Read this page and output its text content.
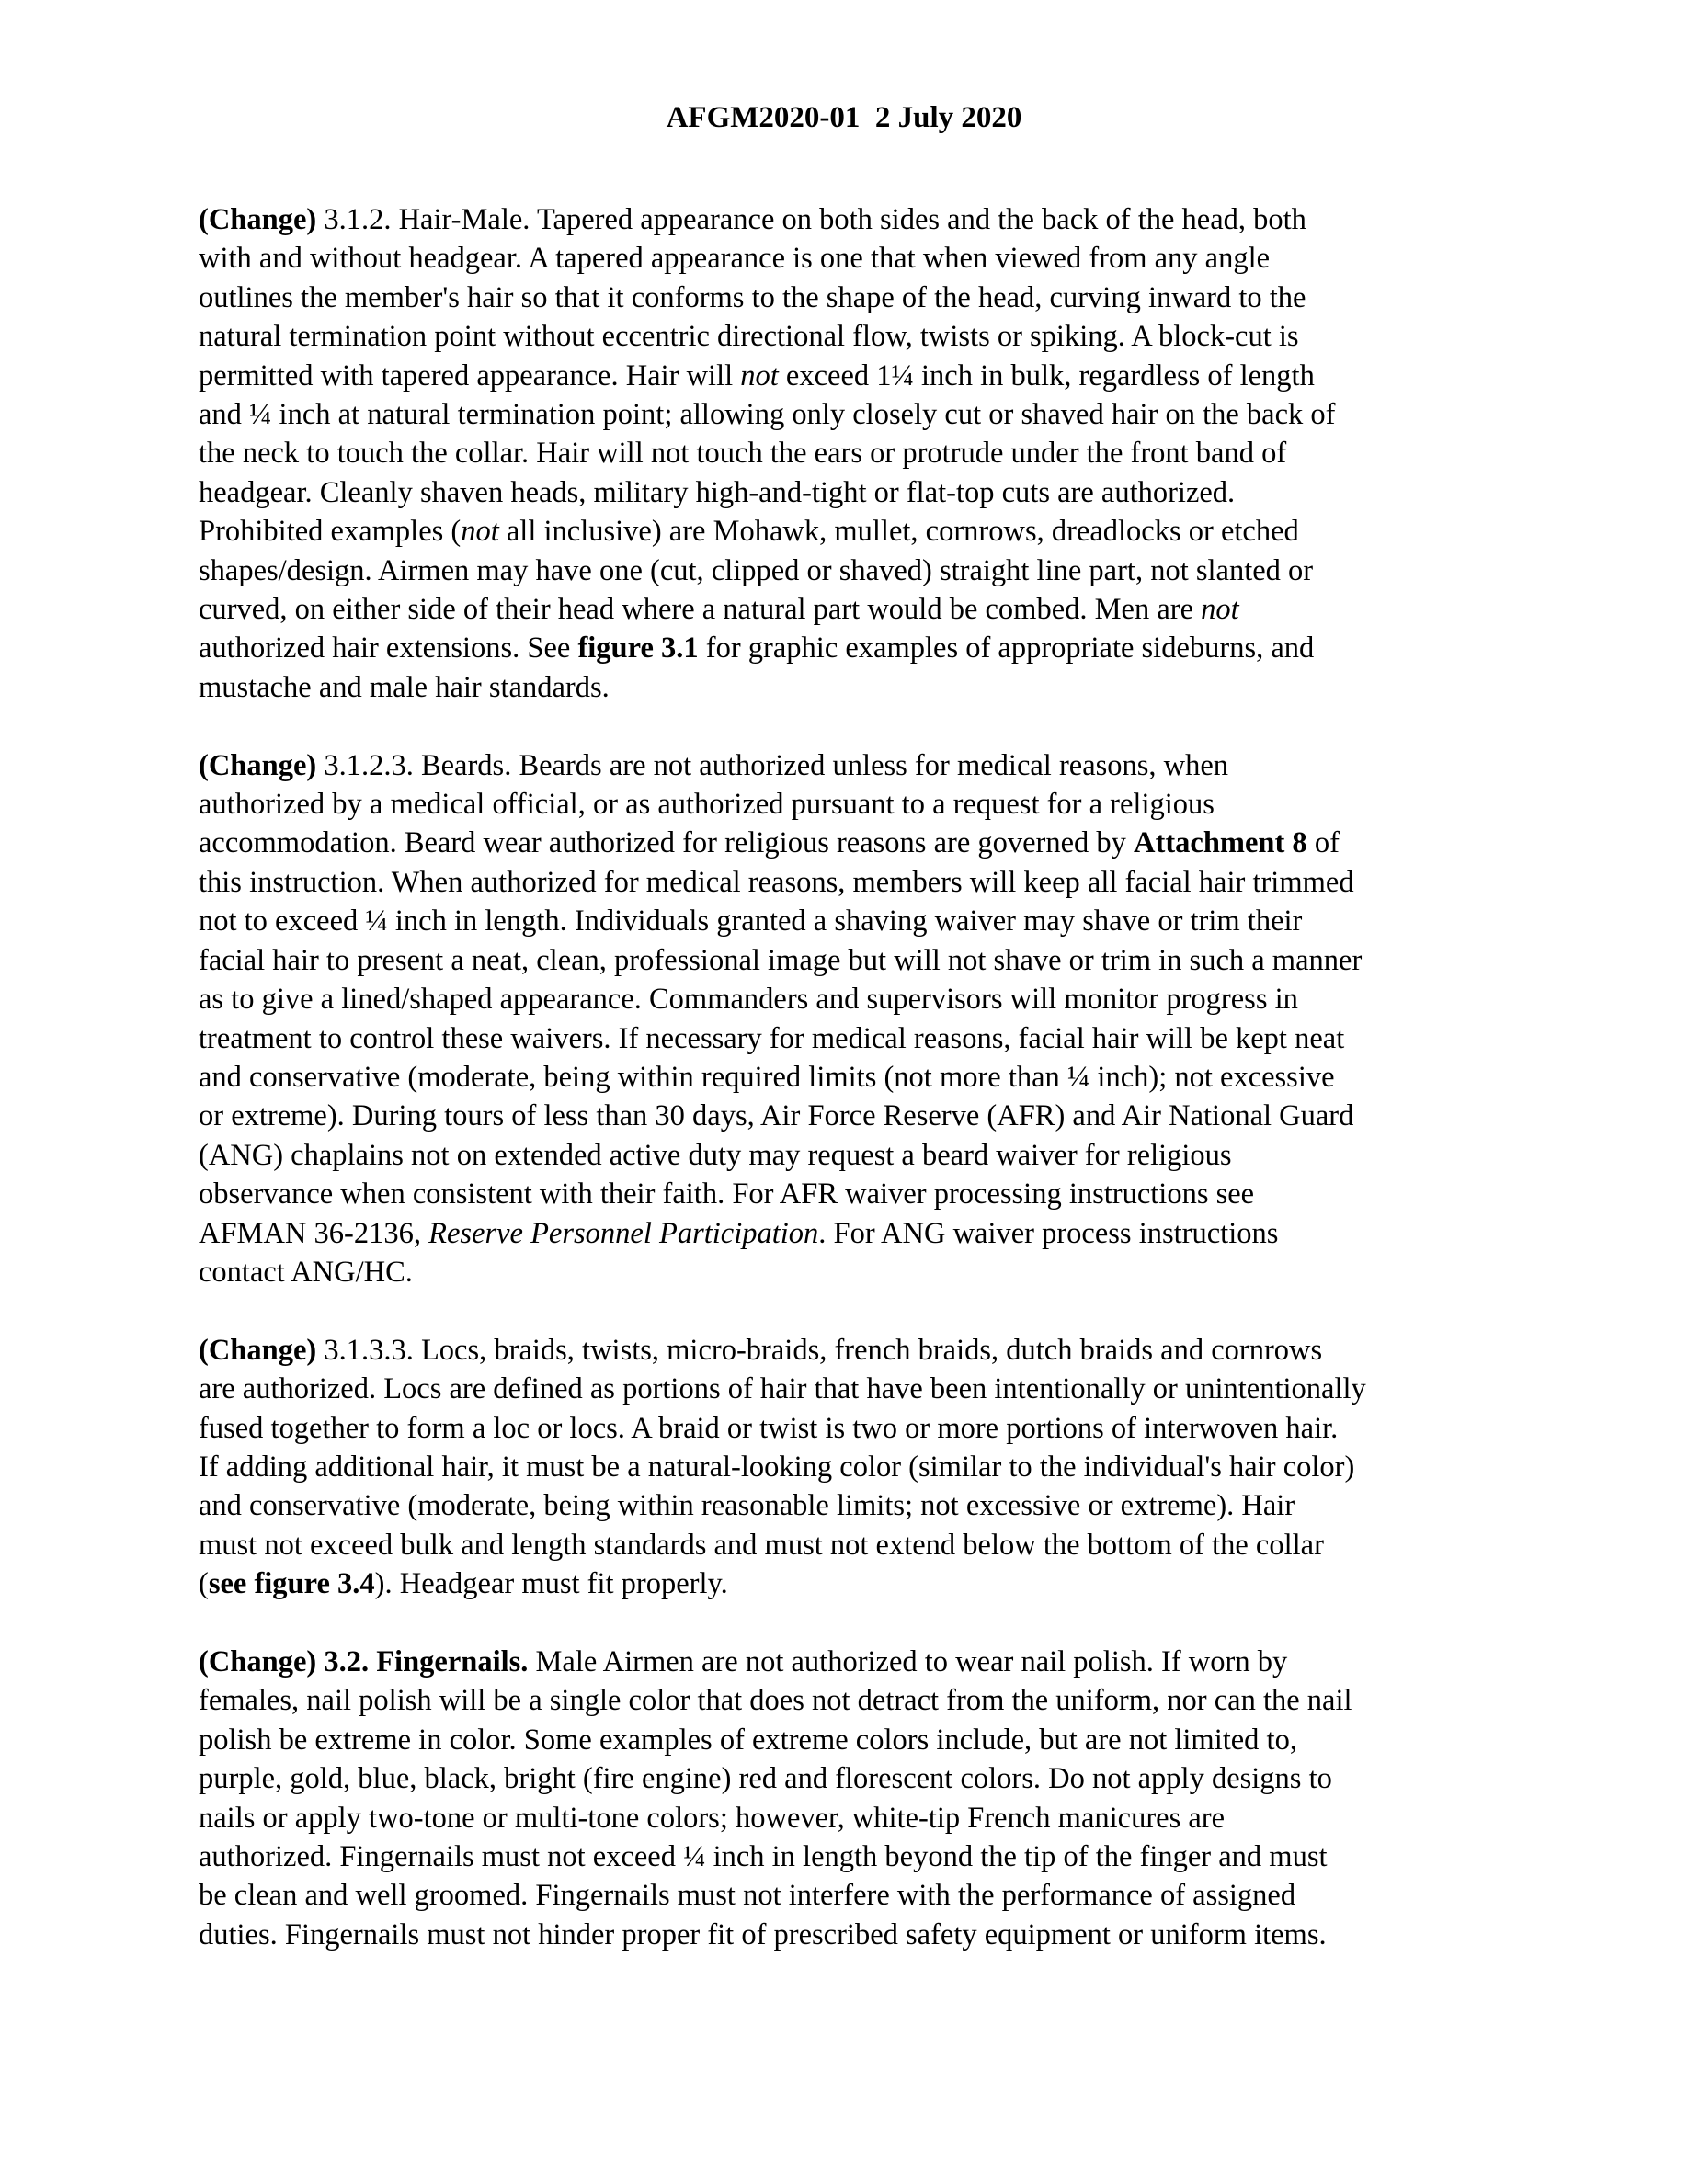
AFGM2020-01  2 July 2020
(Change) 3.1.2. Hair-Male. Tapered appearance on both sides and the back of the head, both
with and without headgear. A tapered appearance is one that when viewed from any angle
outlines the member's hair so that it conforms to the shape of the head, curving inward to the
natural termination point without eccentric directional flow, twists or spiking. A block-cut is
permitted with tapered appearance. Hair will not exceed 1¼ inch in bulk, regardless of length
and ¼ inch at natural termination point; allowing only closely cut or shaved hair on the back of
the neck to touch the collar. Hair will not touch the ears or protrude under the front band of
headgear. Cleanly shaven heads, military high-and-tight or flat-top cuts are authorized.
Prohibited examples (not all inclusive) are Mohawk, mullet, cornrows, dreadlocks or etched
shapes/design. Airmen may have one (cut, clipped or shaved) straight line part, not slanted or
curved, on either side of their head where a natural part would be combed. Men are not
authorized hair extensions. See figure 3.1 for graphic examples of appropriate sideburns, and
mustache and male hair standards.
(Change) 3.1.2.3. Beards. Beards are not authorized unless for medical reasons, when
authorized by a medical official, or as authorized pursuant to a request for a religious
accommodation. Beard wear authorized for religious reasons are governed by Attachment 8 of
this instruction. When authorized for medical reasons, members will keep all facial hair trimmed
not to exceed ¼ inch in length. Individuals granted a shaving waiver may shave or trim their
facial hair to present a neat, clean, professional image but will not shave or trim in such a manner
as to give a lined/shaped appearance. Commanders and supervisors will monitor progress in
treatment to control these waivers. If necessary for medical reasons, facial hair will be kept neat
and conservative (moderate, being within required limits (not more than ¼ inch); not excessive
or extreme). During tours of less than 30 days, Air Force Reserve (AFR) and Air National Guard
(ANG) chaplains not on extended active duty may request a beard waiver for religious
observance when consistent with their faith. For AFR waiver processing instructions see
AFMAN 36-2136, Reserve Personnel Participation. For ANG waiver process instructions
contact ANG/HC.
(Change) 3.1.3.3. Locs, braids, twists, micro-braids, french braids, dutch braids and cornrows
are authorized. Locs are defined as portions of hair that have been intentionally or unintentionally
fused together to form a loc or locs. A braid or twist is two or more portions of interwoven hair.
If adding additional hair, it must be a natural-looking color (similar to the individual's hair color)
and conservative (moderate, being within reasonable limits; not excessive or extreme). Hair
must not exceed bulk and length standards and must not extend below the bottom of the collar
(see figure 3.4). Headgear must fit properly.
(Change) 3.2. Fingernails. Male Airmen are not authorized to wear nail polish. If worn by
females, nail polish will be a single color that does not detract from the uniform, nor can the nail
polish be extreme in color. Some examples of extreme colors include, but are not limited to,
purple, gold, blue, black, bright (fire engine) red and florescent colors. Do not apply designs to
nails or apply two-tone or multi-tone colors; however, white-tip French manicures are
authorized. Fingernails must not exceed ¼ inch in length beyond the tip of the finger and must
be clean and well groomed. Fingernails must not interfere with the performance of assigned
duties. Fingernails must not hinder proper fit of prescribed safety equipment or uniform items.
